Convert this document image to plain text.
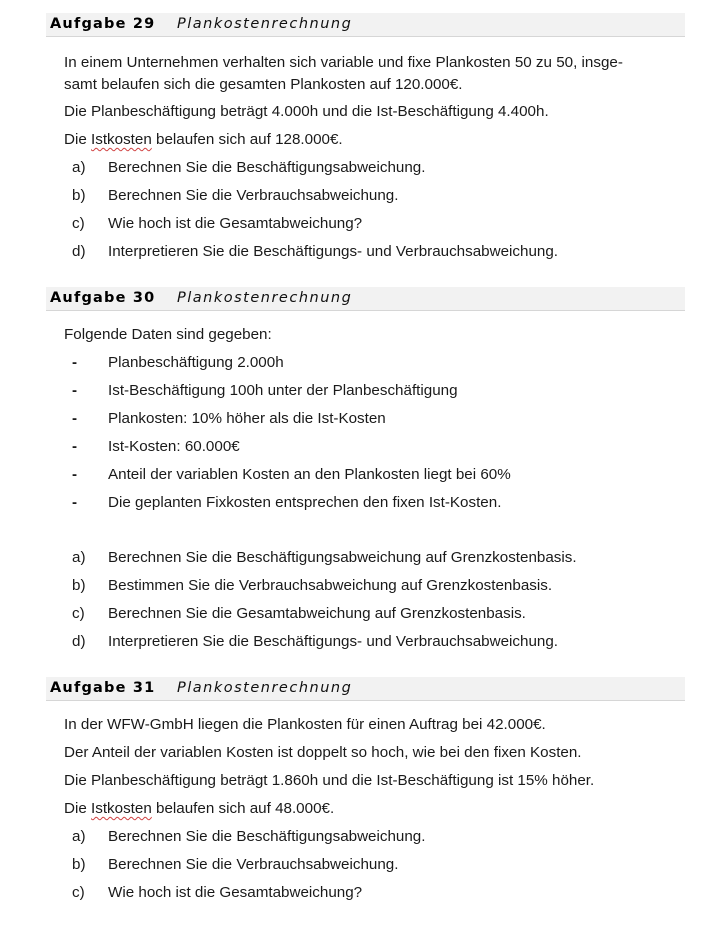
Aufgabe 29 Plankostenrechnung
In einem Unternehmen verhalten sich variable und fixe Plankosten 50 zu 50, insge-
samt belaufen sich die gesamten Plankosten auf 120.000€.
Die Planbeschäftigung beträgt 4.000h und die Ist-Beschäftigung 4.400h.
Die Istkosten belaufen sich auf 128.000€.
a) Berechnen Sie die Beschäftigungsabweichung.
b) Berechnen Sie die Verbrauchsabweichung.
c) Wie hoch ist die Gesamtabweichung?
d) Interpretieren Sie die Beschäftigungs- und Verbrauchsabweichung.
Aufgabe 30 Plankostenrechnung
Folgende Daten sind gegeben:
- Planbeschäftigung 2.000h
- Ist-Beschäftigung 100h unter der Planbeschäftigung
- Plankosten: 10% höher als die Ist-Kosten
- Ist-Kosten: 60.000€
- Anteil der variablen Kosten an den Plankosten liegt bei 60%
- Die geplanten Fixkosten entsprechen den fixen Ist-Kosten.
a) Berechnen Sie die Beschäftigungsabweichung auf Grenzkostenbasis.
b) Bestimmen Sie die Verbrauchsabweichung auf Grenzkostenbasis.
c) Berechnen Sie die Gesamtabweichung auf Grenzkostenbasis.
d) Interpretieren Sie die Beschäftigungs- und Verbrauchsabweichung.
Aufgabe 31 Plankostenrechnung
In der WFW-GmbH liegen die Plankosten für einen Auftrag bei 42.000€.
Der Anteil der variablen Kosten ist doppelt so hoch, wie bei den fixen Kosten.
Die Planbeschäftigung beträgt 1.860h und die Ist-Beschäftigung ist 15% höher.
Die Istkosten belaufen sich auf 48.000€.
a) Berechnen Sie die Beschäftigungsabweichung.
b) Berechnen Sie die Verbrauchsabweichung.
c) Wie hoch ist die Gesamtabweichung?
